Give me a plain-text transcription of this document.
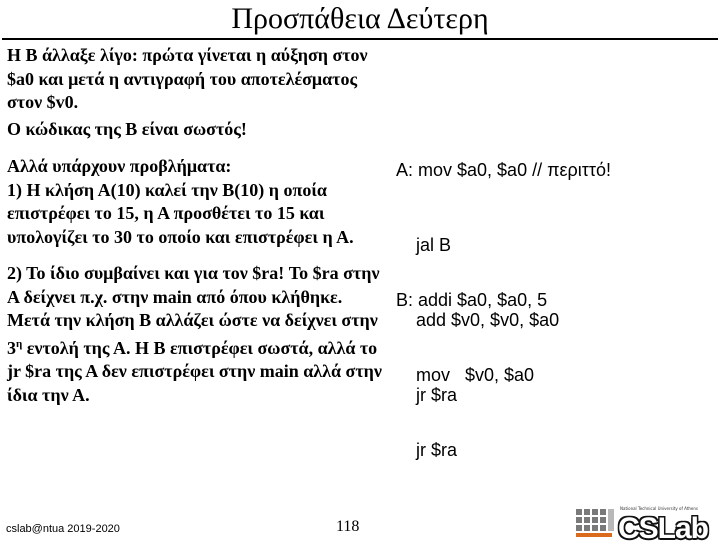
Προσπάθεια Δεύτερη

Η Β άλλαξε λίγο: πρώτα γίνεται η αύξηση στον $a0 και μετά η αντιγραφή του αποτελέσματος στον $v0.

Ο κώδικας της Β είναι σωστός!

Αλλά υπάρχουν προβλήματα:

1) Η κλήση Α(10) καλεί την Β(10) η οποία επιστρέφει το 15, η Α προσθέτει το 15 και υπολογίζει το 30 το οποίο και επιστρέφει η Α.

2) Το ίδιο συμβαίνει και για τον $ra! Το $ra στην Α δείχνει π.χ. στην main από όπου κλήθηκε. Μετά την κλήση Β αλλάζει ώστε να δείχνει στην $3^\eta$ εντολή της Α. Η Β επιστρέφει σωστά, αλλά το jr $ra της Α δεν επιστρέφει στην main αλλά στην ίδια την Α.

A: mov $a0, $a0 // περιττό!

jal B

add $v0, $v0, $a0

jr $ra

B: addi $a0, $a0, 5

mov   $v0, $a0

jr $ra

cslab@ntua 2019-2020	118
National Technical University of Athens
CSLab
